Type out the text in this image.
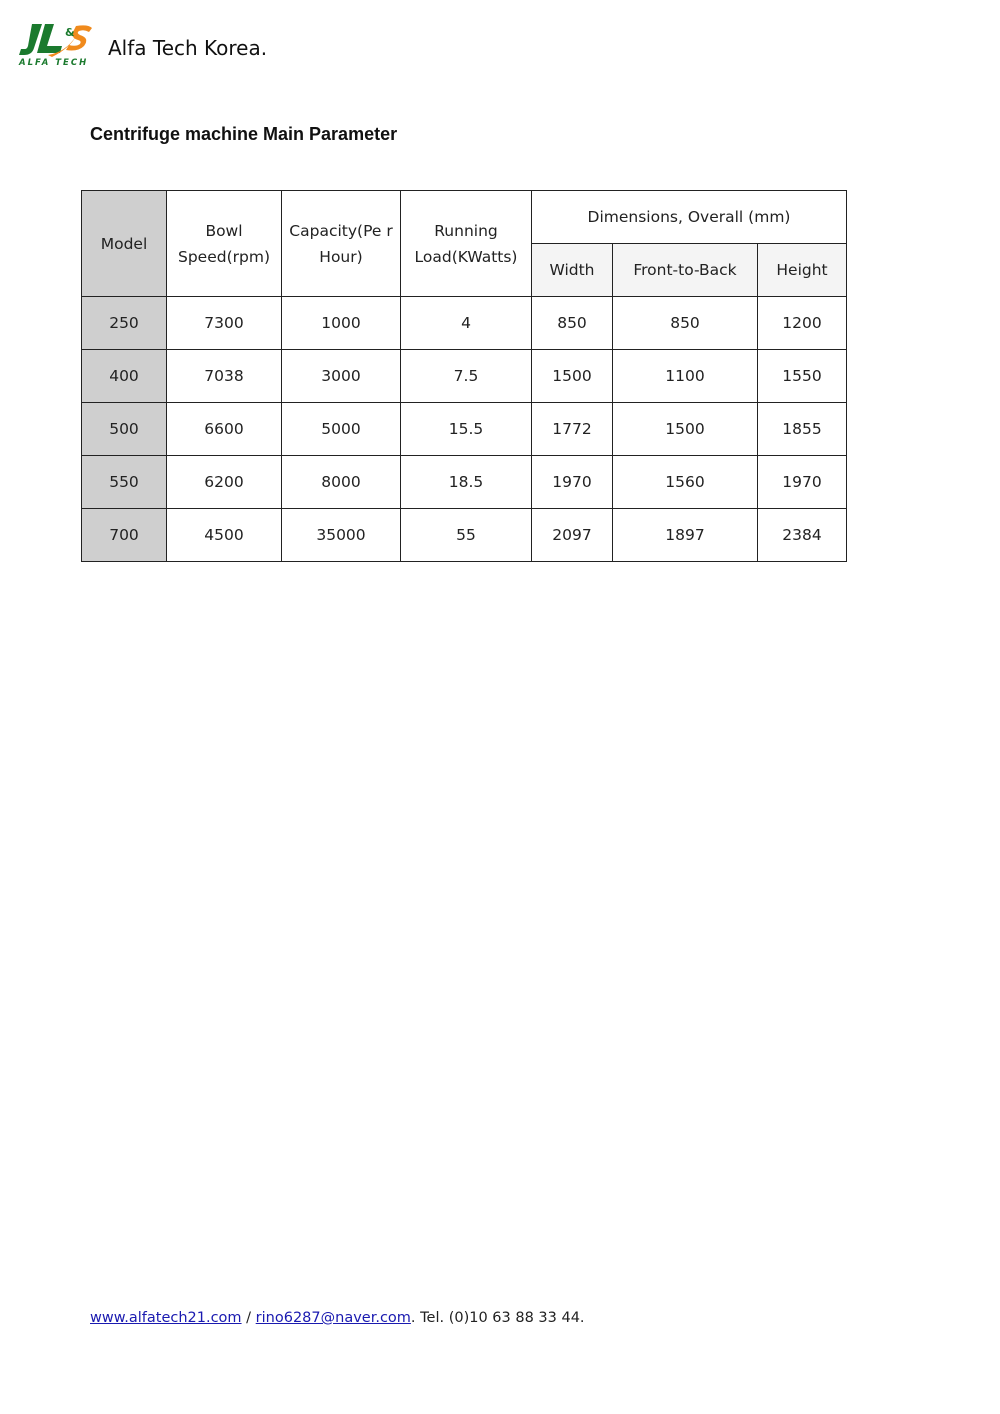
&
ALFA TECH
Alfa Tech Korea.
Centrifuge machine Main Parameter
Model	Bowl Speed(rpm)	Capacity(Pe r Hour)	Running Load(KWatts)	Dimensions, Overall (mm)		
				Width	Front-to-Back	Height
250	7300	1000	4	850	850	1200
400	7038	3000	7.5	1500	1100	1550
500	6600	5000	15.5	1772	1500	1855
550	6200	8000	18.5	1970	1560	1970
700	4500	35000	55	2097	1897	2384
www.alfatech21.com / rino6287@naver.com. Tel. (0)10 63 88 33 44.
